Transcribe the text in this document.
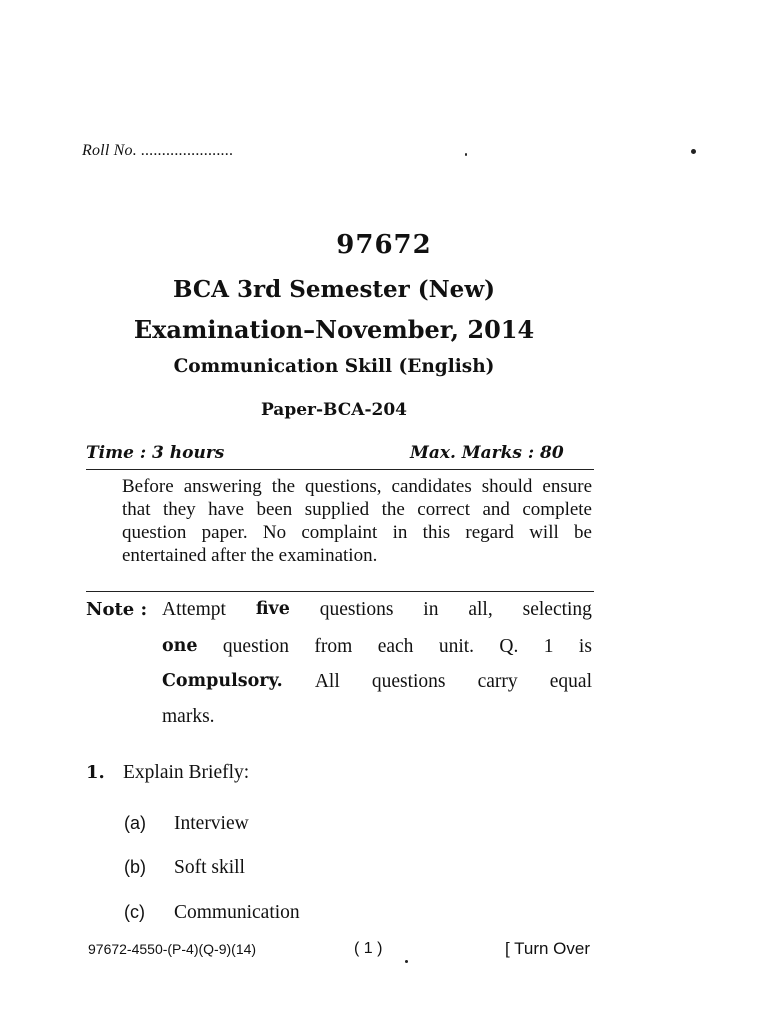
Roll No. ......................
97672
BCA 3rd Semester (New)
Examination–November, 2014
Communication Skill (English)
Paper-BCA-204
Time : 3 hours	Max. Marks : 80
Before answering the questions, candidates should ensure that they have been supplied the correct and complete question paper. No complaint in this regard will be entertained after the examination.
Note : Attempt five questions in all, selecting
one question from each unit. Q. 1 is
Compulsory. All questions carry equal
marks.
1. Explain Briefly:
(a) Interview
(b) Soft skill
(c) Communication
97672-4550-(P-4)(Q-9)(14)	( 1 )	[ Turn Over
